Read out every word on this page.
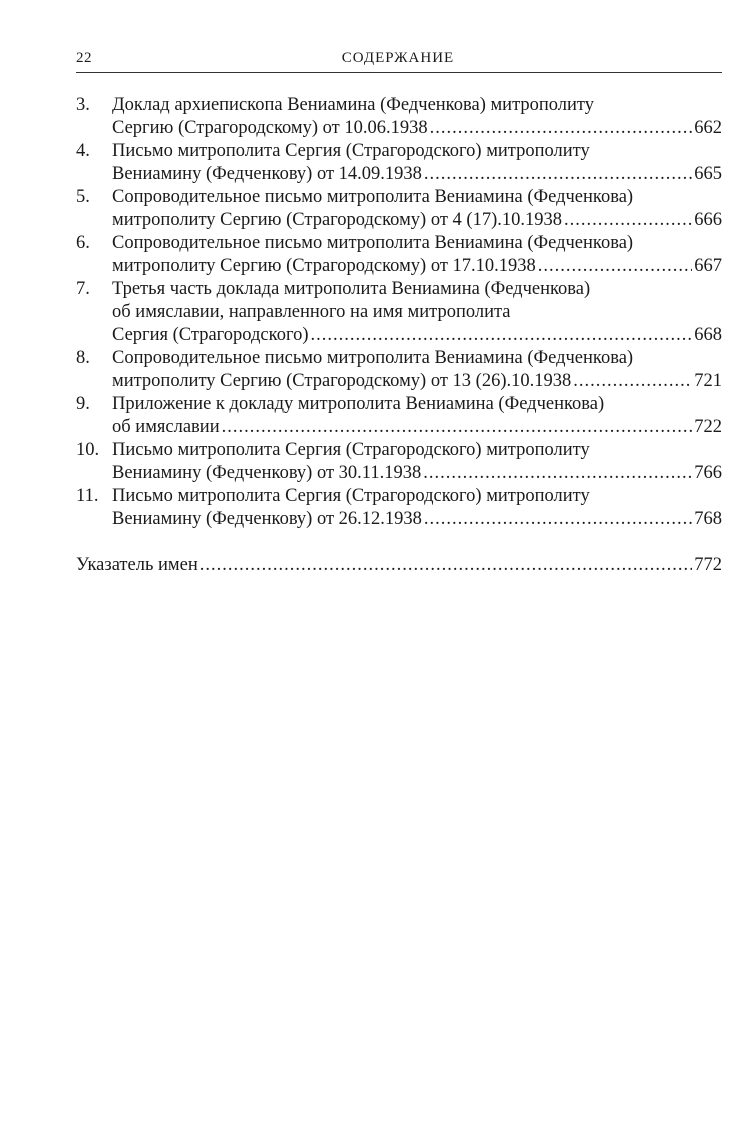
22	СОДЕРЖАНИЕ
3.	Доклад архиепископа Вениамина (Федченкова) митрополиту
Сергию (Страгородскому) от 10.06.1938 .....	662
4.	Письмо митрополита Сергия (Страгородского) митрополиту
Вениамину (Федченкову) от 14.09.1938 .....	665
5.	Сопроводительное письмо митрополита Вениамина (Федченкова)
митрополиту Сергию (Страгородскому) от 4 (17).10.1938 .....	666
6.	Сопроводительное письмо митрополита Вениамина (Федченкова)
митрополиту Сергию (Страгородскому) от 17.10.1938 .....	667
7.	Третья часть доклада митрополита Вениамина (Федченкова)
об имяславии, направленного на имя митрополита
Сергия (Страгородского) .....	668
8.	Сопроводительное письмо митрополита Вениамина (Федченкова)
митрополиту Сергию (Страгородскому) от 13 (26).10.1938 .....	721
9.	Приложение к докладу митрополита Вениамина (Федченкова)
об имяславии .....	722
10. Письмо митрополита Сергия (Страгородского) митрополиту
Вениамину (Федченкову) от 30.11.1938 .....	766
11. Письмо митрополита Сергия (Страгородского) митрополиту
Вениамину (Федченкову) от 26.12.1938 .....	768
Указатель имен .....	772
